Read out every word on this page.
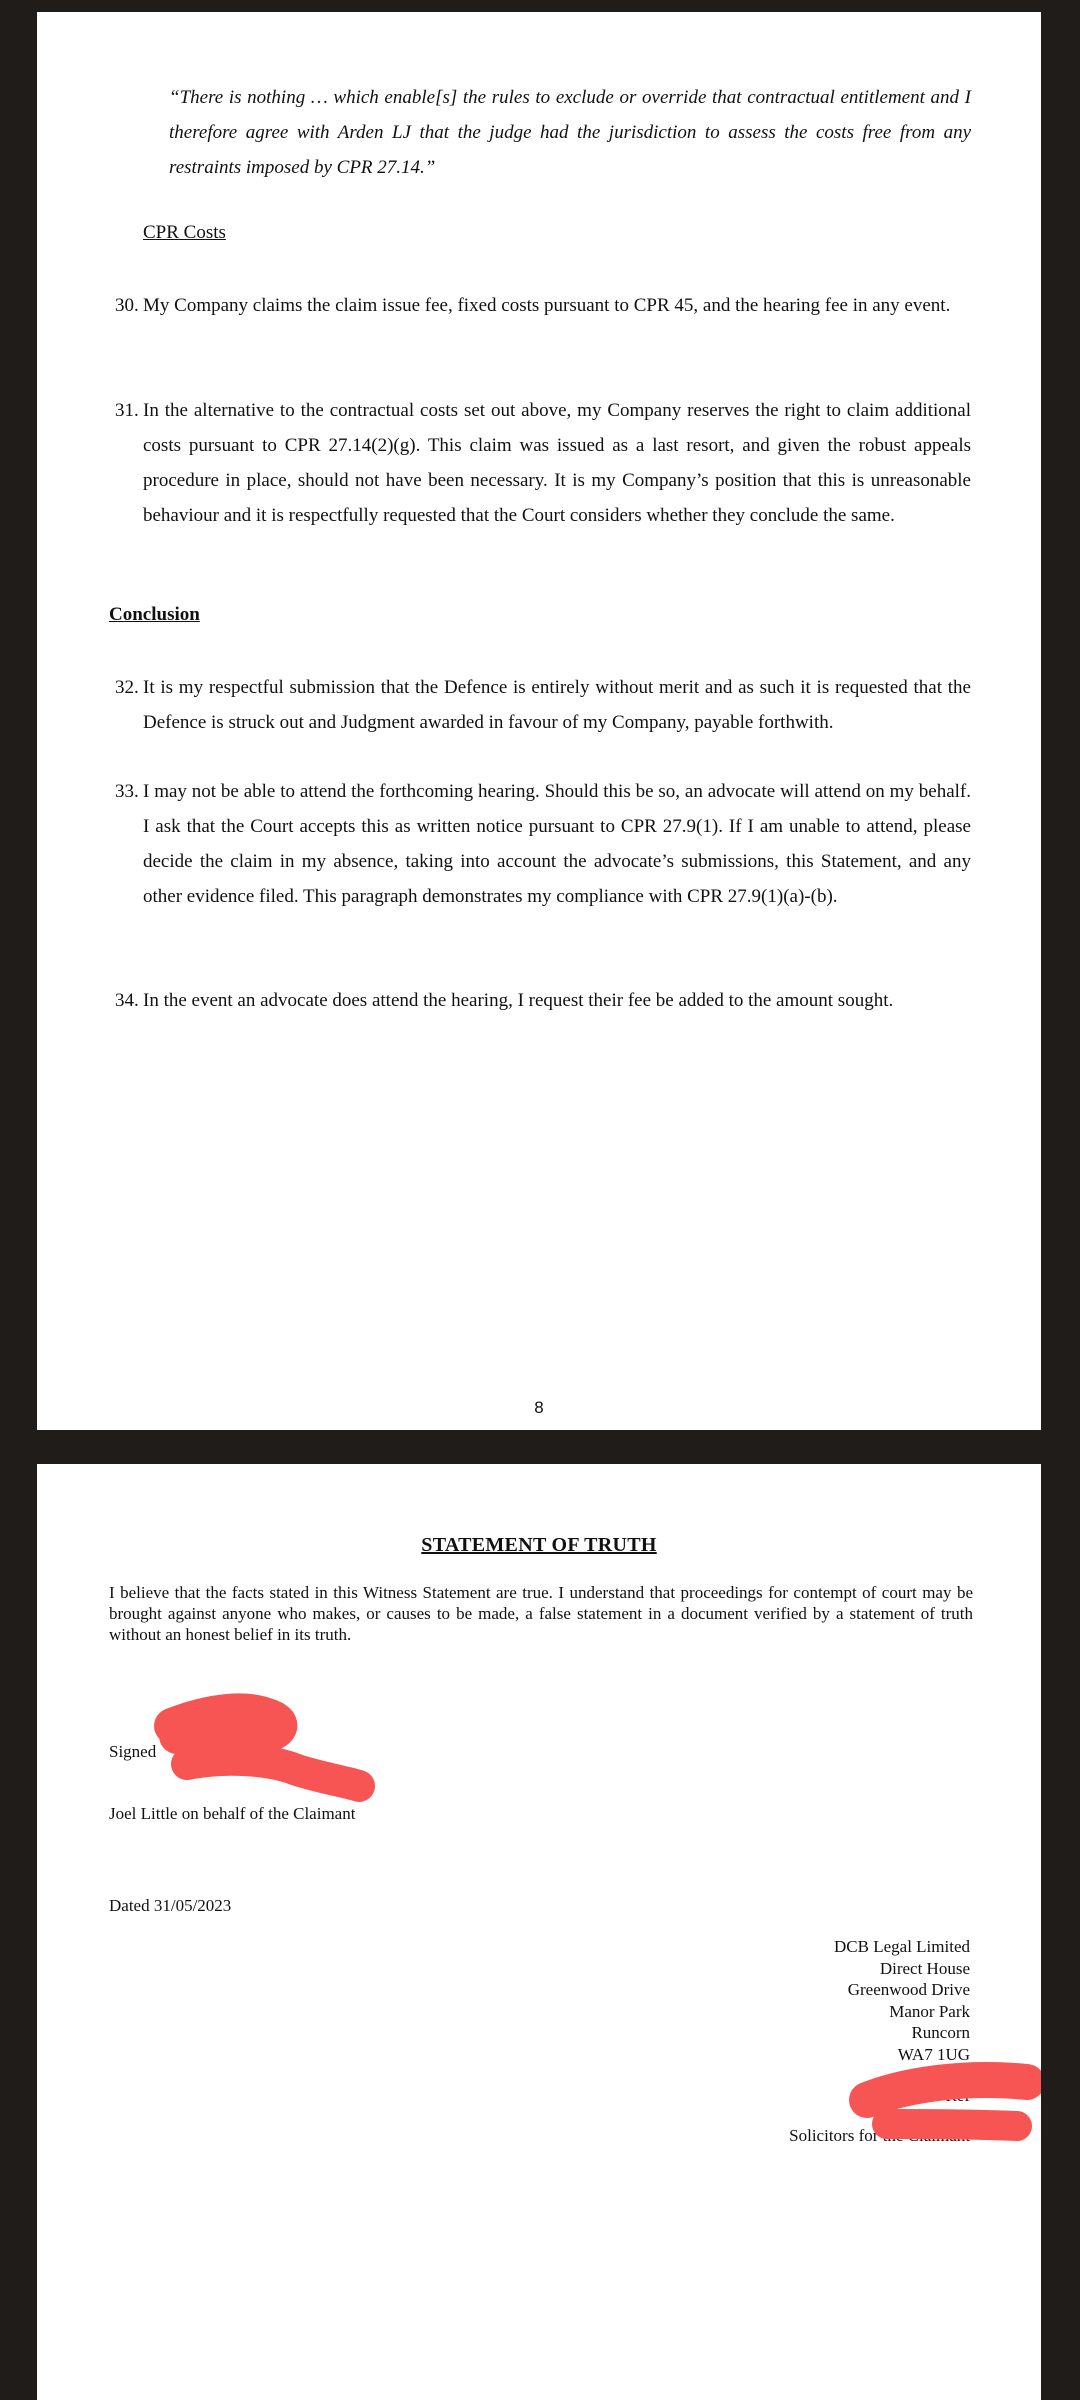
“There is nothing … which enable[s] the rules to exclude or override that contractual entitlement and I therefore agree with Arden LJ that the judge had the jurisdiction to assess the costs free from any restraints imposed by CPR 27.14.”
CPR Costs
30. My Company claims the claim issue fee, fixed costs pursuant to CPR 45, and the hearing fee in any event.
31. In the alternative to the contractual costs set out above, my Company reserves the right to claim additional costs pursuant to CPR 27.14(2)(g). This claim was issued as a last resort, and given the robust appeals procedure in place, should not have been necessary. It is my Company’s position that this is unreasonable behaviour and it is respectfully requested that the Court considers whether they conclude the same.
Conclusion
32. It is my respectful submission that the Defence is entirely without merit and as such it is requested that the Defence is struck out and Judgment awarded in favour of my Company, payable forthwith.
33. I may not be able to attend the forthcoming hearing. Should this be so, an advocate will attend on my behalf. I ask that the Court accepts this as written notice pursuant to CPR 27.9(1). If I am unable to attend, please decide the claim in my absence, taking into account the advocate’s submissions, this Statement, and any other evidence filed. This paragraph demonstrates my compliance with CPR 27.9(1)(a)-(b).
34. In the event an advocate does attend the hearing, I request their fee be added to the amount sought.
8
STATEMENT OF TRUTH
I believe that the facts stated in this Witness Statement are true. I understand that proceedings for contempt of court may be brought against anyone who makes, or causes to be made, a false statement in a document verified by a statement of truth without an honest belief in its truth.
Signed
Joel Little on behalf of the Claimant
Dated 31/05/2023
DCB Legal Limited
Direct House
Greenwood Drive
Manor Park
Runcorn
WA7 1UG
Ref
Solicitors for the Claimant
